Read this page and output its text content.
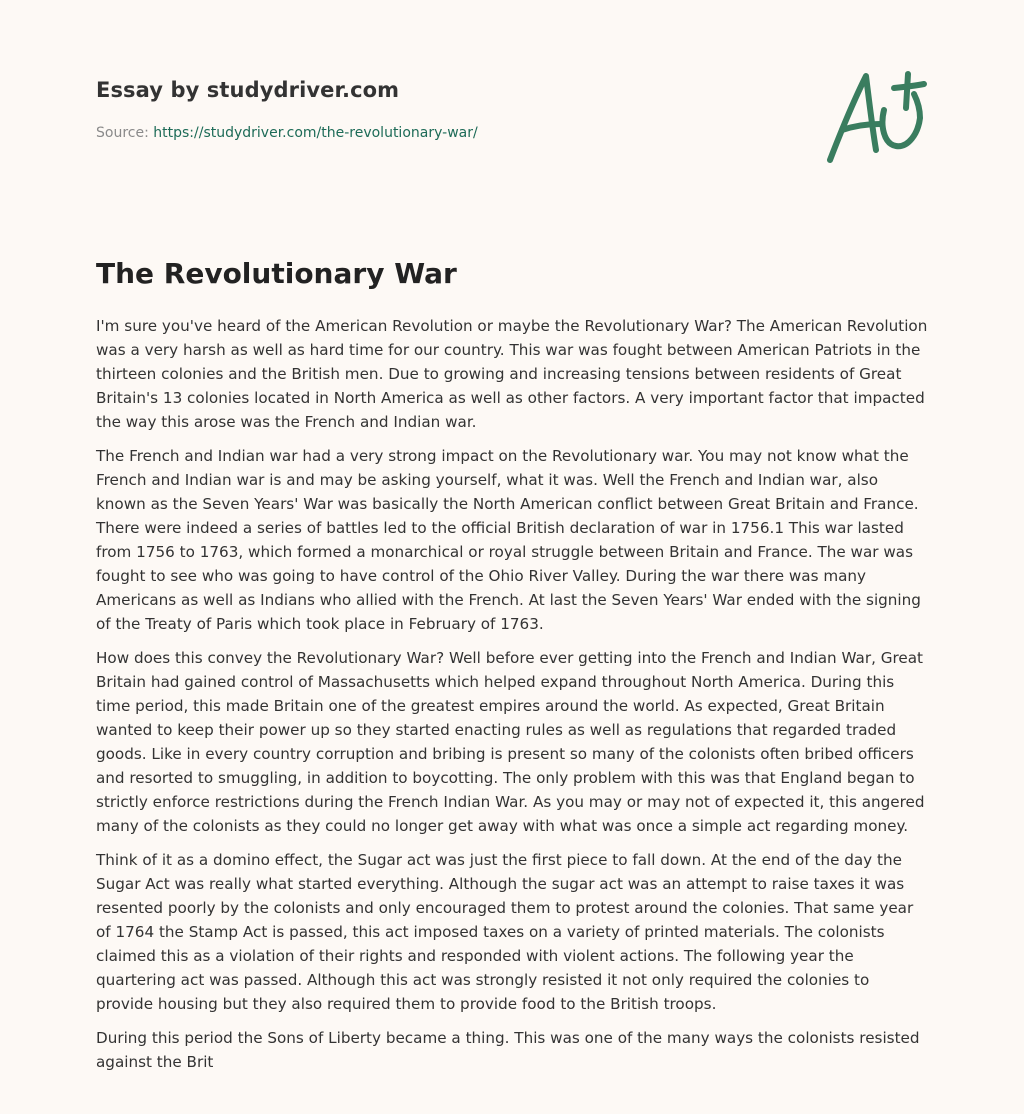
Essay by studydriver.com
Source: https://studydriver.com/the-revolutionary-war/
The Revolutionary War

I'm sure you've heard of the American Revolution or maybe the Revolutionary War? The American Revolution was a very harsh as well as hard time for our country. This war was fought between American Patriots in the thirteen colonies and the British men. Due to growing and increasing tensions between residents of Great Britain's 13 colonies located in North America as well as other factors. A very important factor that impacted the way this arose was the French and Indian war.

The French and Indian war had a very strong impact on the Revolutionary war. You may not know what the French and Indian war is and may be asking yourself, what it was. Well the French and Indian war, also known as the Seven Years' War was basically the North American conflict between Great Britain and France. There were indeed a series of battles led to the official British declaration of war in 1756.1 This war lasted from 1756 to 1763, which formed a monarchical or royal struggle between Britain and France. The war was fought to see who was going to have control of the Ohio River Valley. During the war there was many Americans as well as Indians who allied with the French. At last the Seven Years' War ended with the signing of the Treaty of Paris which took place in February of 1763.

How does this convey the Revolutionary War? Well before ever getting into the French and Indian War, Great Britain had gained control of Massachusetts which helped expand throughout North America. During this time period, this made Britain one of the greatest empires around the world. As expected, Great Britain wanted to keep their power up so they started enacting rules as well as regulations that regarded traded goods. Like in every country corruption and bribing is present so many of the colonists often bribed officers and resorted to smuggling, in addition to boycotting. The only problem with this was that England began to strictly enforce restrictions during the French Indian War. As you may or may not of expected it, this angered many of the colonists as they could no longer get away with what was once a simple act regarding money.

Think of it as a domino effect, the Sugar act was just the first piece to fall down. At the end of the day the Sugar Act was really what started everything. Although the sugar act was an attempt to raise taxes it was resented poorly by the colonists and only encouraged them to protest around the colonies. That same year of 1764 the Stamp Act is passed, this act imposed taxes on a variety of printed materials. The colonists claimed this as a violation of their rights and responded with violent actions. The following year the quartering act was passed. Although this act was strongly resisted it not only required the colonies to provide housing but they also required them to provide food to the British troops.

During this period the Sons of Liberty became a thing. This was one of the many ways the colonists resisted against the Brit
